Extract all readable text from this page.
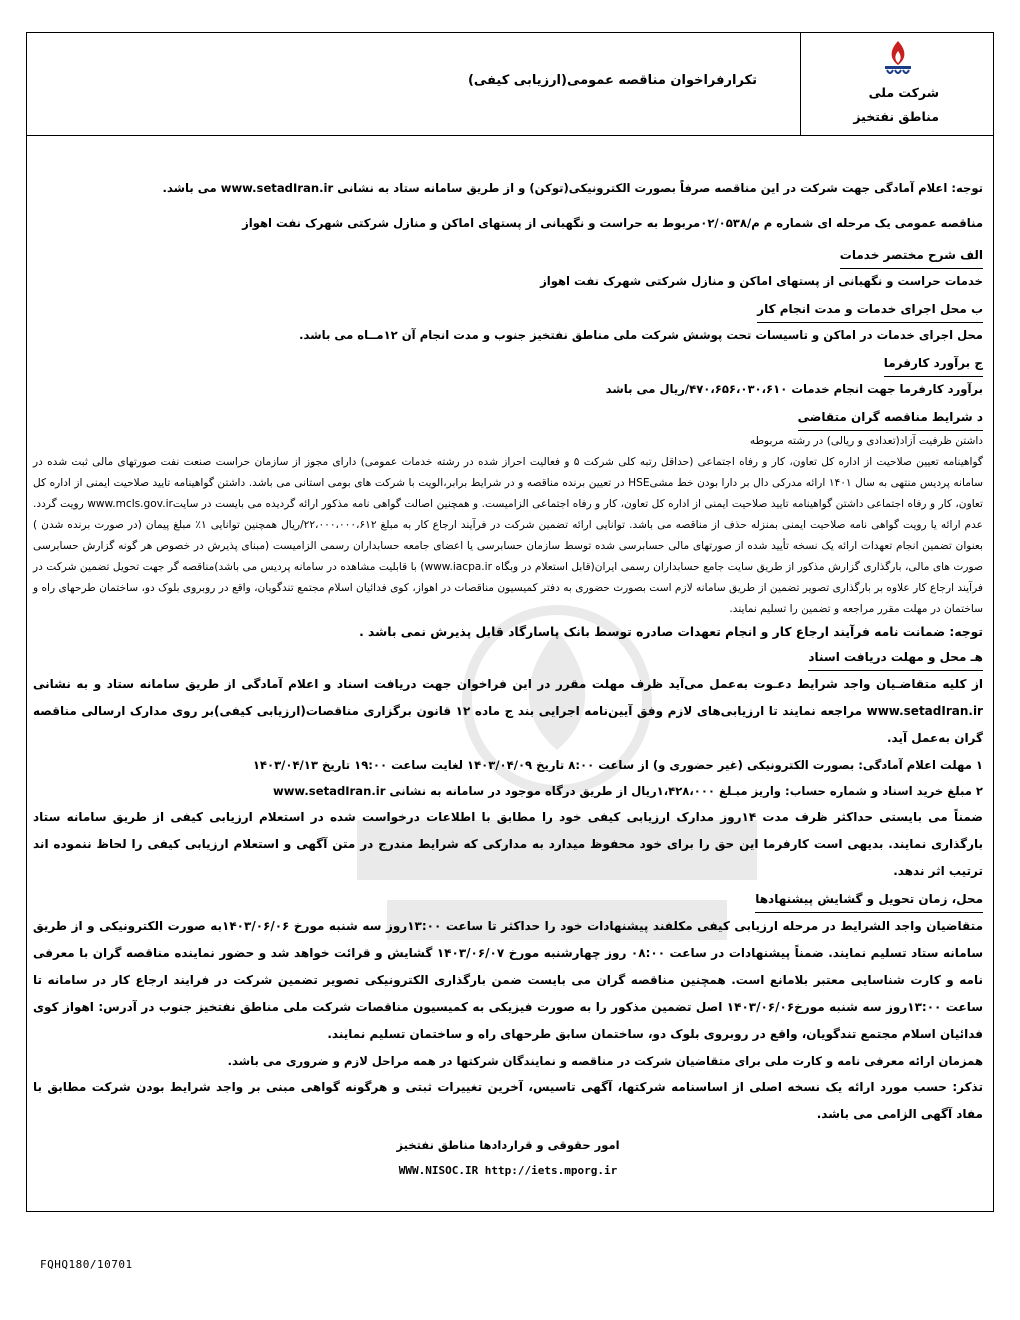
تکرارفراخوان مناقصه عمومی(ارزیابی کیفی)
شرکت ملی
مناطق نفتخیز

توجه: اعلام آمادگی جهت شرکت در این مناقصه صرفاً بصورت الکترونیکی(توکن) و از طریق سامانه ستاد به نشانی www.setadIran.ir می باشد.

مناقصه عمومی یک مرحله ای شماره م م/۰۲/۰۵۳۸مربوط به حراست و نگهبانی از پستهای اماکن و منازل شرکتی شهرک نفت اهواز

الف شرح مختصر خدمات

خدمات حراست و نگهبانی از پستهای اماکن و منازل شرکتی شهرک نفت اهواز

ب محل اجرای خدمات و مدت انجام کار

محل اجرای خدمات در اماکن و تاسیسات تحت پوشش شرکت ملی مناطق نفتخیز جنوب و مدت انجام آن ۱۲مــاه می باشد.

ج برآورد کارفرما

برآورد کارفرما جهت انجام خدمات ۴۷۰،۶۵۶،۰۳۰،۶۱۰/ریال می باشد

د شرایط مناقصه گران متقاضی

داشتن ظرفیت آزاد(تعدادی و ریالی) در رشته مربوطه

گواهینامه تعیین صلاحیت از اداره کل تعاون، کار و رفاه اجتماعی (حداقل رتبه کلی شرکت ۵ و فعالیت احراز شده در رشته خدمات عمومی) دارای مجوز از سازمان حراست صنعت نفت صورتهای مالی ثبت شده در سامانه پردیس منتهی به سال ۱۴۰۱ ارائه مدرکی دال بر دارا بودن خط مشیHSE در تعیین برنده مناقصه و در شرایط برابر،الویت با شرکت های بومی استانی می باشد. داشتن گواهینامه تایید صلاحیت ایمنی از اداره کل تعاون، کار و رفاه اجتماعی داشتن گواهینامه تایید صلاحیت ایمنی از اداره کل تعاون، کار و رفاه اجتماعی الزامیست. و همچنین اصالت گواهی نامه مذکور ارائه گردیده می بایست در سایتwww.mcls.gov.ir رویت گردد. عدم ارائه یا رویت گواهی نامه صلاحیت ایمنی بمنزله حذف از مناقصه می باشد. توانایی ارائه تضمین شرکت در فرآیند ارجاع کار به مبلغ ۲۲،۰۰۰،۰۰۰،۶۱۲/ریال همچنین توانایی ۱٪ مبلغ پیمان (در صورت برنده شدن ) بعنوان تضمین انجام تعهدات ارائه یک نسخه تأیید شده از صورتهای مالی حسابرسی شده توسط سازمان حسابرسی یا اعضای جامعه حسابداران رسمی الزامیست (مبنای پذیرش در خصوص هر گونه گزارش حسابرسی صورت های مالی، بارگذاری گزارش مذکور از طریق سایت جامع حسابداران رسمی ایران(قابل استعلام در وبگاه www.iacpa.ir) با قابلیت مشاهده در سامانه پردیس می باشد)مناقصه گر جهت تحویل تضمین شرکت در فرآیند ارجاع کار علاوه بر بارگذاری تصویر تضمین از طریق سامانه لازم است بصورت حضوری به دفتر کمیسیون مناقصات در اهواز، کوی فدائیان اسلام مجتمع تندگویان، واقع در روبروی بلوک دو، ساختمان طرحهای راه و ساختمان در مهلت مقرر مراجعه و تضمین را تسلیم نمایند.

توجه: ضمانت نامه فرآیند ارجاع کار و انجام تعهدات صادره توسط بانک پاسارگاد قابل پذیرش نمی باشد .

هـ محل و مهلت دریافت اسناد

از کلیه متقاضـیان واجد شرایط دعـوت به‌عمل می‌آید ظرف مهلت مقرر در این فراخوان جهت دریافت اسناد و اعلام آمادگی از طریق سامانه ستاد و به نشانی www.setadIran.ir مراجعه نمایند تا ارزیابی‌های لازم وفق آیین‌نامه اجرایی بند ج ماده ۱۲ قانون برگزاری مناقصات(ارزیابی کیفی)بر روی مدارک ارسالی مناقصه گران به‌عمل آید.

۱ مهلت اعلام آمادگی: بصورت الکترونیکی (غیر حضوری و) از ساعت ۸:۰۰ تاریخ ۱۴۰۳/۰۴/۰۹ لغایت ساعت ۱۹:۰۰ تاریخ ۱۴۰۳/۰۴/۱۳

۲ مبلغ خرید اسناد و شماره حساب: واریز مبـلغ ۱،۴۲۸،۰۰۰ریال از طریق درگاه موجود در سامانه به نشانی www.setadIran.ir

ضمناً می بایستی حداکثر ظرف مدت ۱۴روز مدارک ارزیابی کیفی خود را مطابق با اطلاعات درخواست شده در استعلام ارزیابی کیفی از طریق سامانه ستاد بارگذاری نمایند. بدیهی است کارفرما این حق را برای خود محفوظ میدارد به مدارکی که شرایط مندرج در متن آگهی و استعلام ارزیابی کیفی را لحاظ ننموده اند ترتیب اثر ندهد.

محل، زمان تحویل و گشایش پیشنهادها

متقاضیان واجد الشرایط در مرحله ارزیابی کیفی مکلفند پیشنهادات خود را حداکثر تا ساعت ۱۳:۰۰روز سه شنبه مورخ ۱۴۰۳/۰۶/۰۶به صورت الکترونیکی و از طریق سامانه ستاد تسلیم نمایند. ضمناً پیشنهادات در ساعت ۰۸:۰۰ روز چهارشنبه مورخ ۱۴۰۳/۰۶/۰۷ گشایش و قرائت خواهد شد و حضور نماینده مناقصه گران با معرفی نامه و کارت شناسایی معتبر بلامانع است. همچنین مناقصه گران می بایست ضمن بارگذاری الکترونیکی تصویر تضمین شرکت در فرایند ارجاع کار در سامانه تا ساعت ۱۳:۰۰روز سه شنبه مورخ۱۴۰۳/۰۶/۰۶ اصل تضمین مذکور را به صورت فیزیکی به کمیسیون مناقصات شرکت ملی مناطق نفتخیز جنوب در آدرس: اهواز کوی فدائیان اسلام مجتمع تندگویان، واقع در روبروی بلوک دو، ساختمان سابق طرحهای راه و ساختمان تسلیم نمایند.

همزمان ارائه معرفی نامه و کارت ملی برای متقاضیان شرکت در مناقصه و نمایندگان شرکتها در همه مراحل لازم و ضروری می باشد.

تذکر: حسب مورد ارائه یک نسخه اصلی از اساسنامه شرکتها، آگهی تاسیس، آخرین تغییرات ثبتی و هرگونه گواهی مبنی بر واجد شرایط بودن شرکت مطابق با مفاد آگهی الزامی می باشد.

امور حقوقی و قراردادها مناطق نفتخیز

WWW.NISOC.IR http://iets.mporg.ir

FQHQ180/10701
